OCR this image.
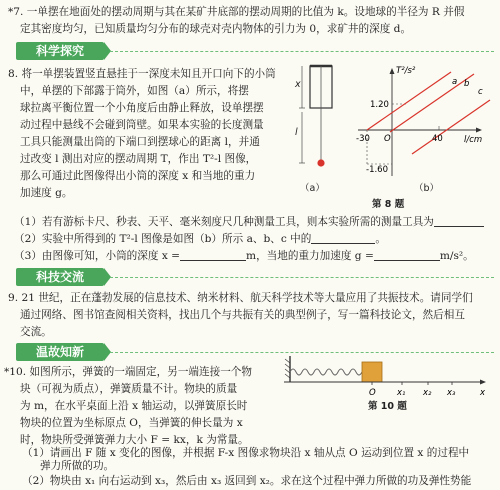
*7. 一单摆在地面处的摆动周期与其在某矿井底部的摆动周期的比值为 k。设地球的半径为 R 并假
定其密度均匀，已知质量均匀分布的球壳对壳内物体的引力为 0，求矿井的深度 d。
科学探究
8. 将一单摆装置竖直悬挂于一深度未知且开口向下的小筒
中，单摆的下部露于筒外，如图（a）所示，将摆
球拉离平衡位置一个小角度后由静止释放，设单摆摆
动过程中悬线不会碰到筒壁。如果本实验的长度测量
工具只能测量出筒的下端口到摆球心的距离 l，并通
过改变 l 测出对应的摆动周期 T，作出 T²-l 图像，
那么可通过此图像得出小筒的深度 x 和当地的重力
加速度 g。
x
l
（a）
T²/s²
a b
c
1.20
-1.60
-30 O	40 l/cm
（b）
第 8 题
（1）若有游标卡尺、秒表、天平、毫米刻度尺几种测量工具，则本实验所需的测量工具为
（2）实验中所得到的 T²-l 图像是如图（b）所示 a、b、c 中的	。
（3）由图像可知，小筒的深度 x =	m，当地的重力加速度 g =	m/s²。
科技交流
9. 21 世纪，正在蓬勃发展的信息技术、纳米材料、航天科学技术等大量应用了共振技术。请同学们
通过网络、图书馆查阅相关资料，找出几个与共振有关的典型例子，写一篇科技论文，然后相互
交流。
温故知新
*10. 如图所示，弹簧的一端固定，另一端连接一个物
块（可视为质点），弹簧质量不计。物块的质量
为 m，在水平桌面上沿 x 轴运动，以弹簧原长时
物块的位置为坐标原点 O，当弹簧的伸长量为 x
时，物块所受弹簧弹力大小 F = kx，k 为常量。
O	x₁ x₂ x₃	x
第 10 题
（1）请画出 F 随 x 变化的图像，并根据 F-x 图像求物块沿 x 轴从点 O 运动到位置 x 的过程中
弹力所做的功。
（2）物块由 x₁ 向右运动到 x₃，然后由 x₃ 返回到 x₂。求在这个过程中弹力所做的功及弹性势能
